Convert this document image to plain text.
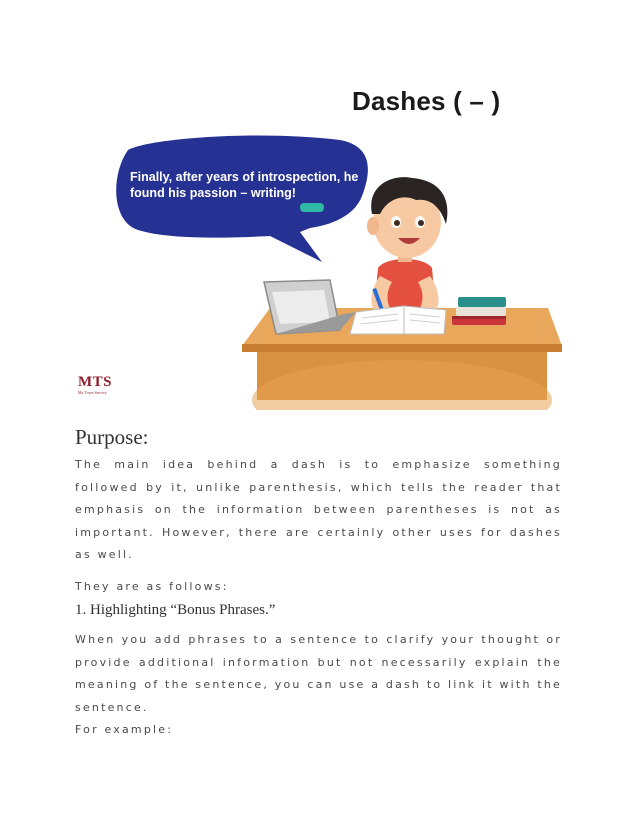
Dashes ( – )
Finally, after years of introspection, he found his passion – writing!
MTS
My Town Service
Purpose:

The main idea behind a dash is to emphasize something followed by it, unlike parenthesis, which tells the reader that emphasis on the information between parentheses is not as important. However, there are certainly other uses for dashes as well.

They are as follows:

1. Highlighting “Bonus Phrases.”

When you add phrases to a sentence to clarify your thought or provide additional information but not necessarily explain the meaning of the sentence, you can use a dash to link it with the sentence.

For example:
